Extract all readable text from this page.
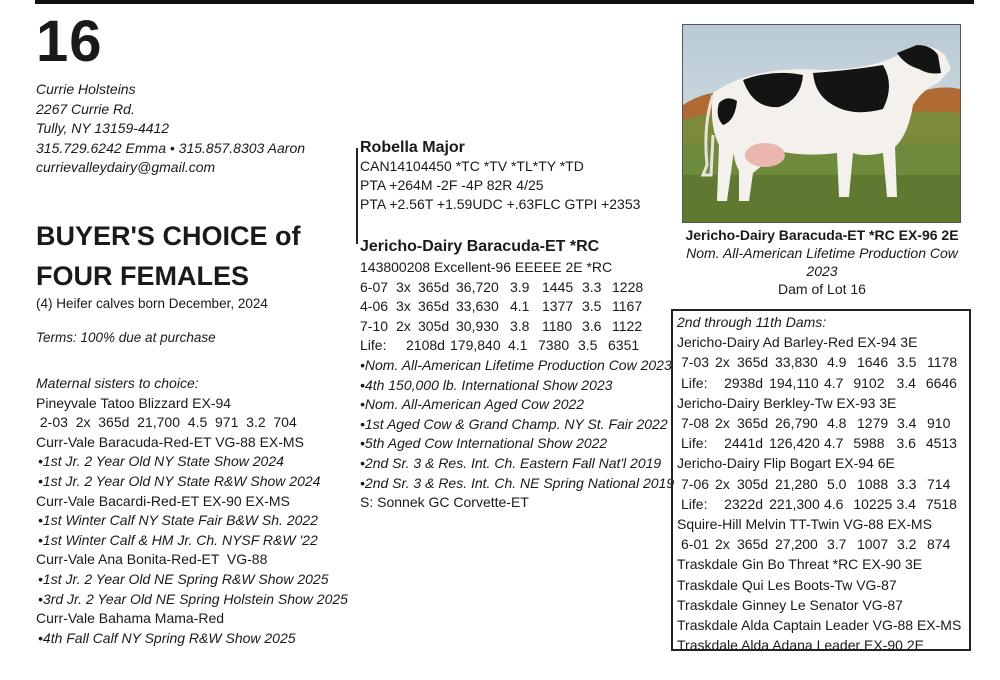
16
Currie Holsteins
2267 Currie Rd.
Tully, NY 13159-4412
315.729.6242 Emma • 315.857.8303 Aaron
currievalleydairy@gmail.com
BUYER'S CHOICE of
FOUR FEMALES
(4) Heifer calves born December, 2024
Terms: 100% due at purchase
Maternal sisters to choice:
Pineyvale Tatoo Blizzard EX-94
2-03  2x  365d  21,700  4.5  971  3.2  704
Curr-Vale Baracuda-Red-ET VG-88 EX-MS
•1st Jr. 2 Year Old NY State Show 2024
•1st Jr. 2 Year Old NY State R&W Show 2024
Curr-Vale Bacardi-Red-ET EX-90 EX-MS
•1st Winter Calf NY State Fair B&W Sh. 2022
•1st Winter Calf & HM Jr. Ch. NYSF R&W '22
Curr-Vale Ana Bonita-Red-ET  VG-88
•1st Jr. 2 Year Old NE Spring R&W Show 2025
•3rd Jr. 2 Year Old NE Spring Holstein Show 2025
Curr-Vale Bahama Mama-Red
•4th Fall Calf NY Spring R&W Show 2025
Robella Major
CAN14104450 *TC *TV *TL*TY *TD
PTA +264M -2F -4P 82R 4/25
PTA +2.56T +1.59UDC +.63FLC GTPI +2353
Jericho-Dairy Baracuda-ET *RC
143800208 Excellent-96 EEEEE 2E *RC
6-07 3x 365d 36,720 3.9 1445 3.3 1228
4-06 3x 365d 33,630 4.1 1377 3.5 1167
7-10 2x 305d 30,930 3.8 1180 3.6 1122
Life:	2108d 179,840 4.1 7380 3.5 6351
•Nom. All-American Lifetime Production Cow 2023
•4th 150,000 lb. International Show 2023
•Nom. All-American Aged Cow 2022
•1st Aged Cow & Grand Champ. NY St. Fair 2022
•5th Aged Cow International Show 2022
•2nd Sr. 3 & Res. Int. Ch. Eastern Fall Nat'l 2019
•2nd Sr. 3 & Res. Int. Ch. NE Spring National 2019
S: Sonnek GC Corvette-ET
Jericho-Dairy Baracuda-ET *RC EX-96 2E
Nom. All-American Lifetime Production Cow 2023
Dam of Lot 16
2nd through 11th Dams:
Jericho-Dairy Ad Barley-Red EX-94 3E
7-03 2x 365d 33,830 4.9 1646 3.5 1178
Life:	2938d 194,110 4.7 9102 3.4 6646
Jericho-Dairy Berkley-Tw EX-93 3E
7-08 2x 365d 26,790 4.8 1279 3.4 910
Life:	2441d 126,420 4.7 5988 3.6 4513
Jericho-Dairy Flip Bogart EX-94 6E
7-06 2x 305d 21,280 5.0 1088 3.3 714
Life:	2322d 221,300 4.6 10225 3.4 7518
Squire-Hill Melvin TT-Twin VG-88 EX-MS
6-01 2x 365d 27,200 3.7 1007 3.2 874
Traskdale Gin Bo Threat *RC EX-90 3E
Traskdale Qui Les Boots-Tw VG-87
Traskdale Ginney Le Senator VG-87
Traskdale Alda Captain Leader VG-88 EX-MS
Traskdale Alda Adana Leader EX-90 2E
